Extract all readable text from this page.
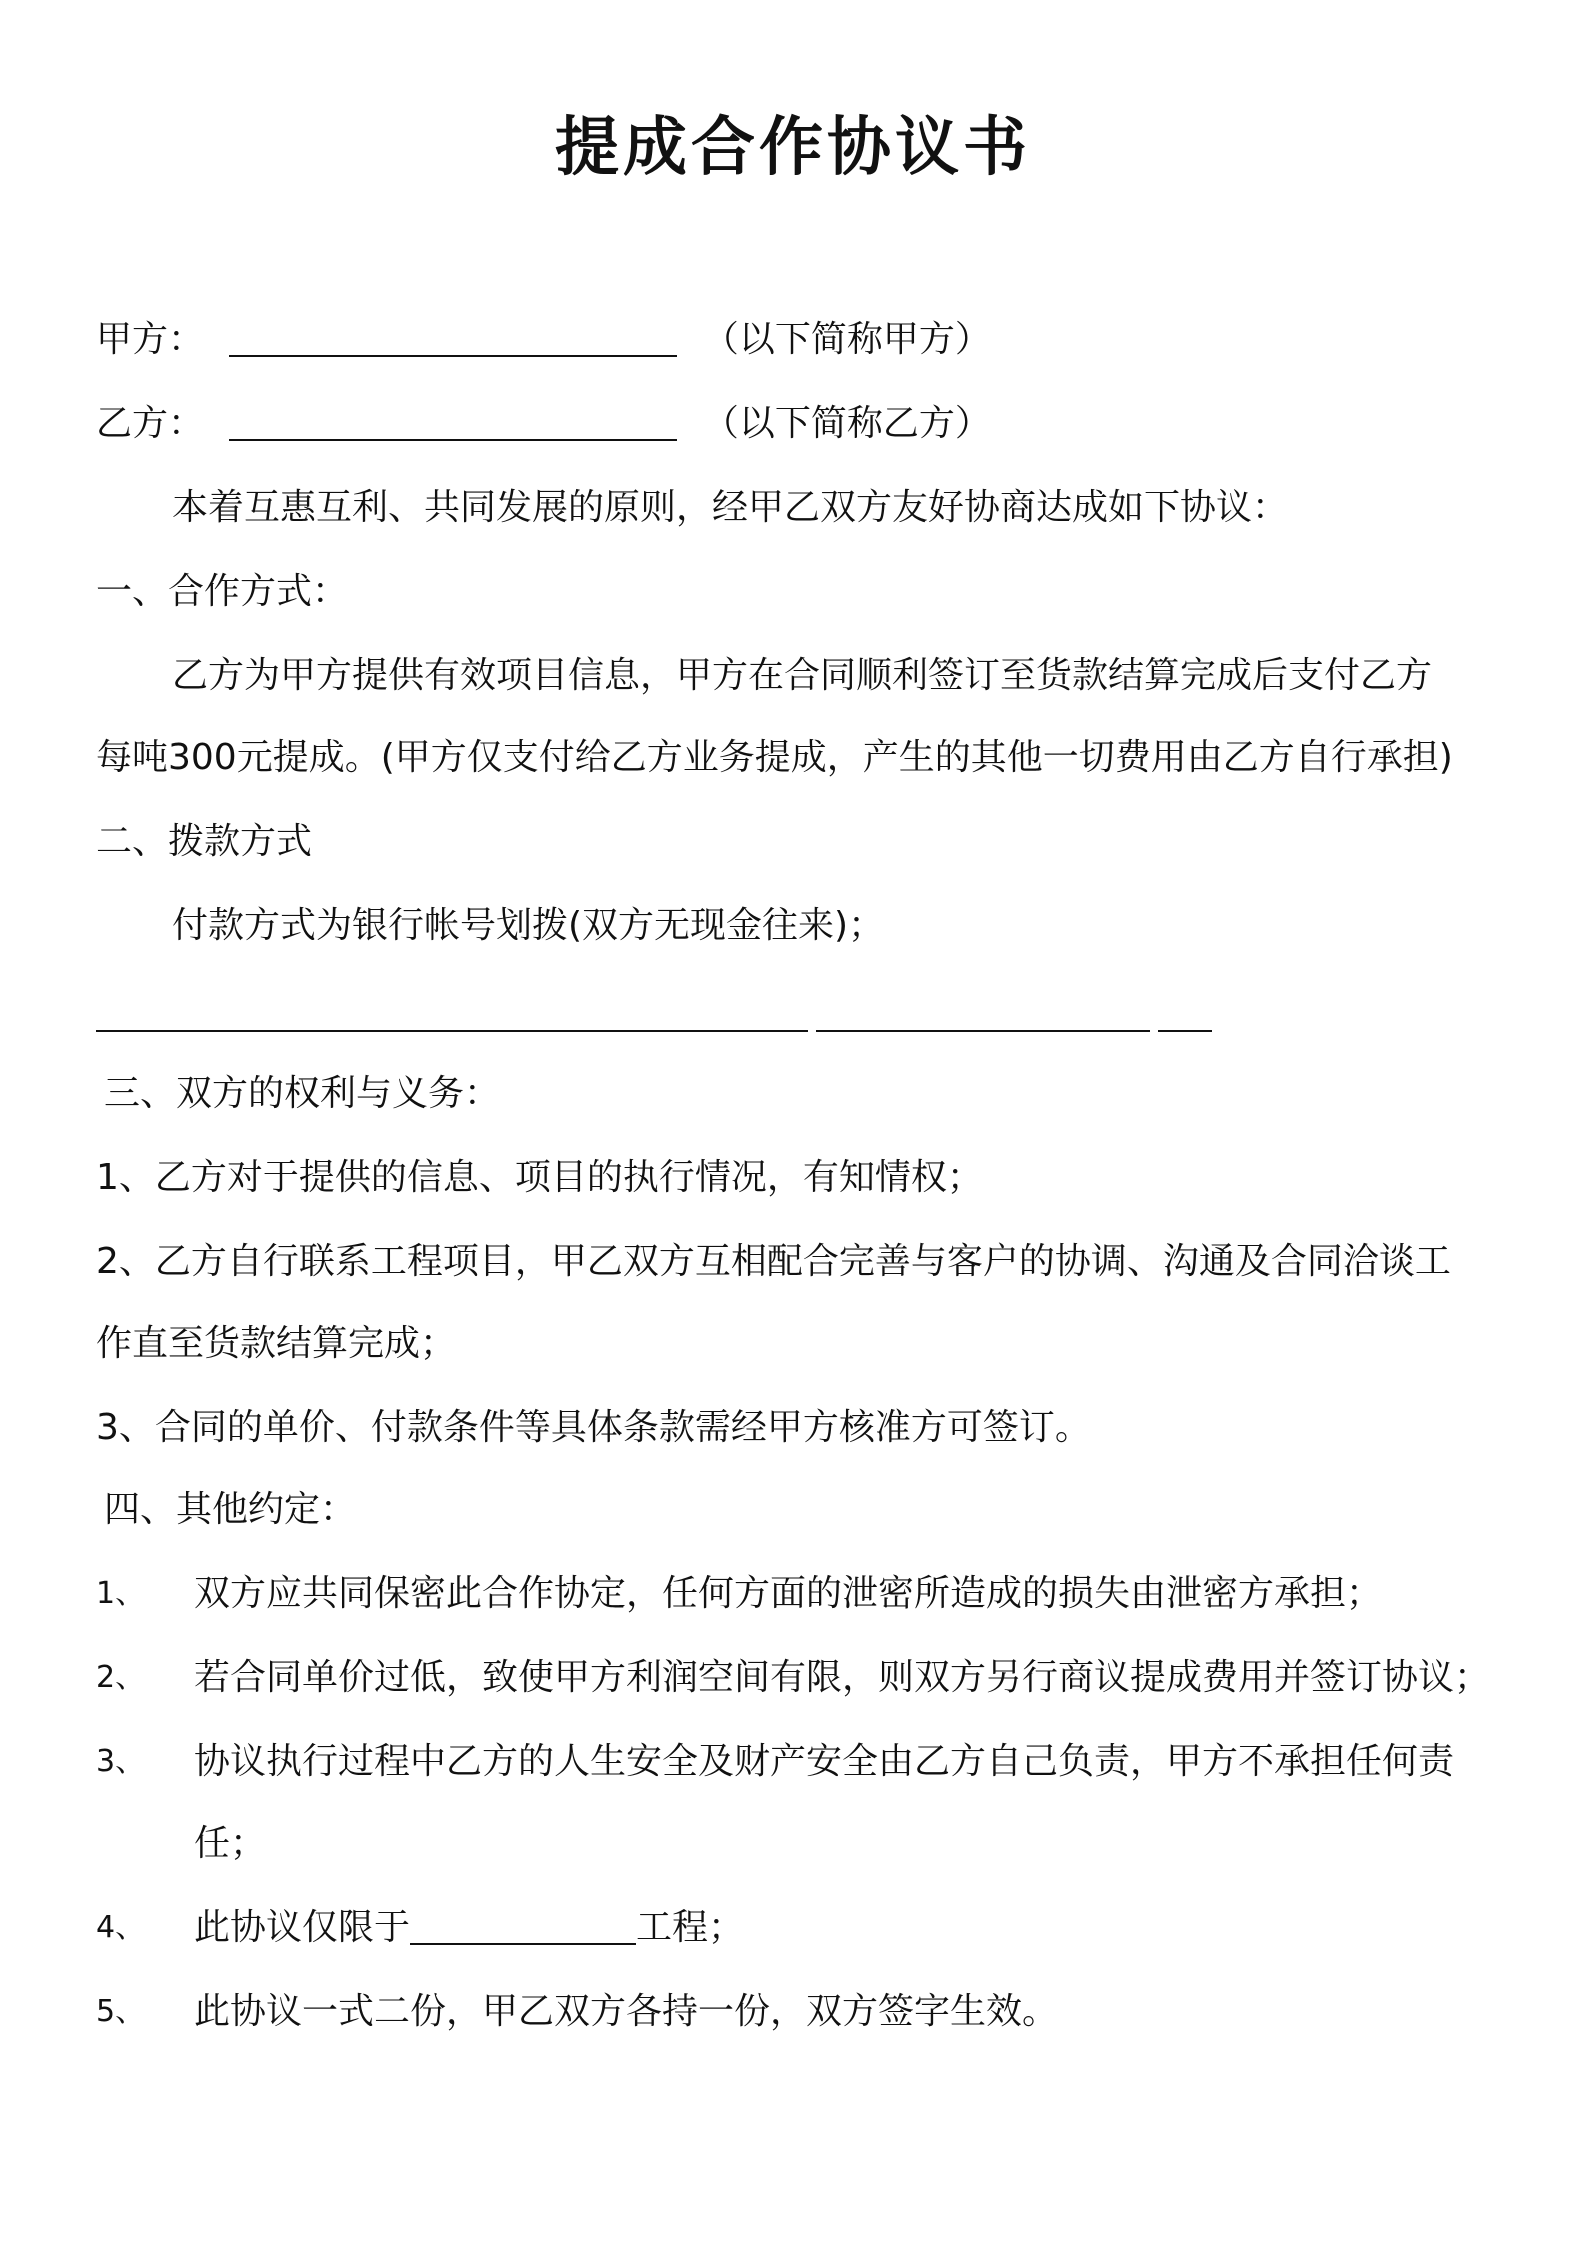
提成合作协议书
甲方：	（以下简称甲方）
乙方：	（以下简称乙方）
本着互惠互利、共同发展的原则，经甲乙双方友好协商达成如下协议：
一、合作方式：
乙方为甲方提供有效项目信息，甲方在合同顺利签订至货款结算完成后支付乙方
每吨300元提成。(甲方仅支付给乙方业务提成，产生的其他一切费用由乙方自行承担)
二、拨款方式
付款方式为银行帐号划拨(双方无现金往来)；
三、双方的权利与义务：
1、乙方对于提供的信息、项目的执行情况，有知情权；
2、乙方自行联系工程项目，甲乙双方互相配合完善与客户的协调、沟通及合同洽谈工
作直至货款结算完成；
3、合同的单价、付款条件等具体条款需经甲方核准方可签订。
四、其他约定：
1、 双方应共同保密此合作协定，任何方面的泄密所造成的损失由泄密方承担；
2、 若合同单价过低，致使甲方利润空间有限，则双方另行商议提成费用并签订协议；
3、 协议执行过程中乙方的人生安全及财产安全由乙方自己负责，甲方不承担任何责
任；
4、 此协议仅限于	工程；
5、 此协议一式二份，甲乙双方各持一份，双方签字生效。
